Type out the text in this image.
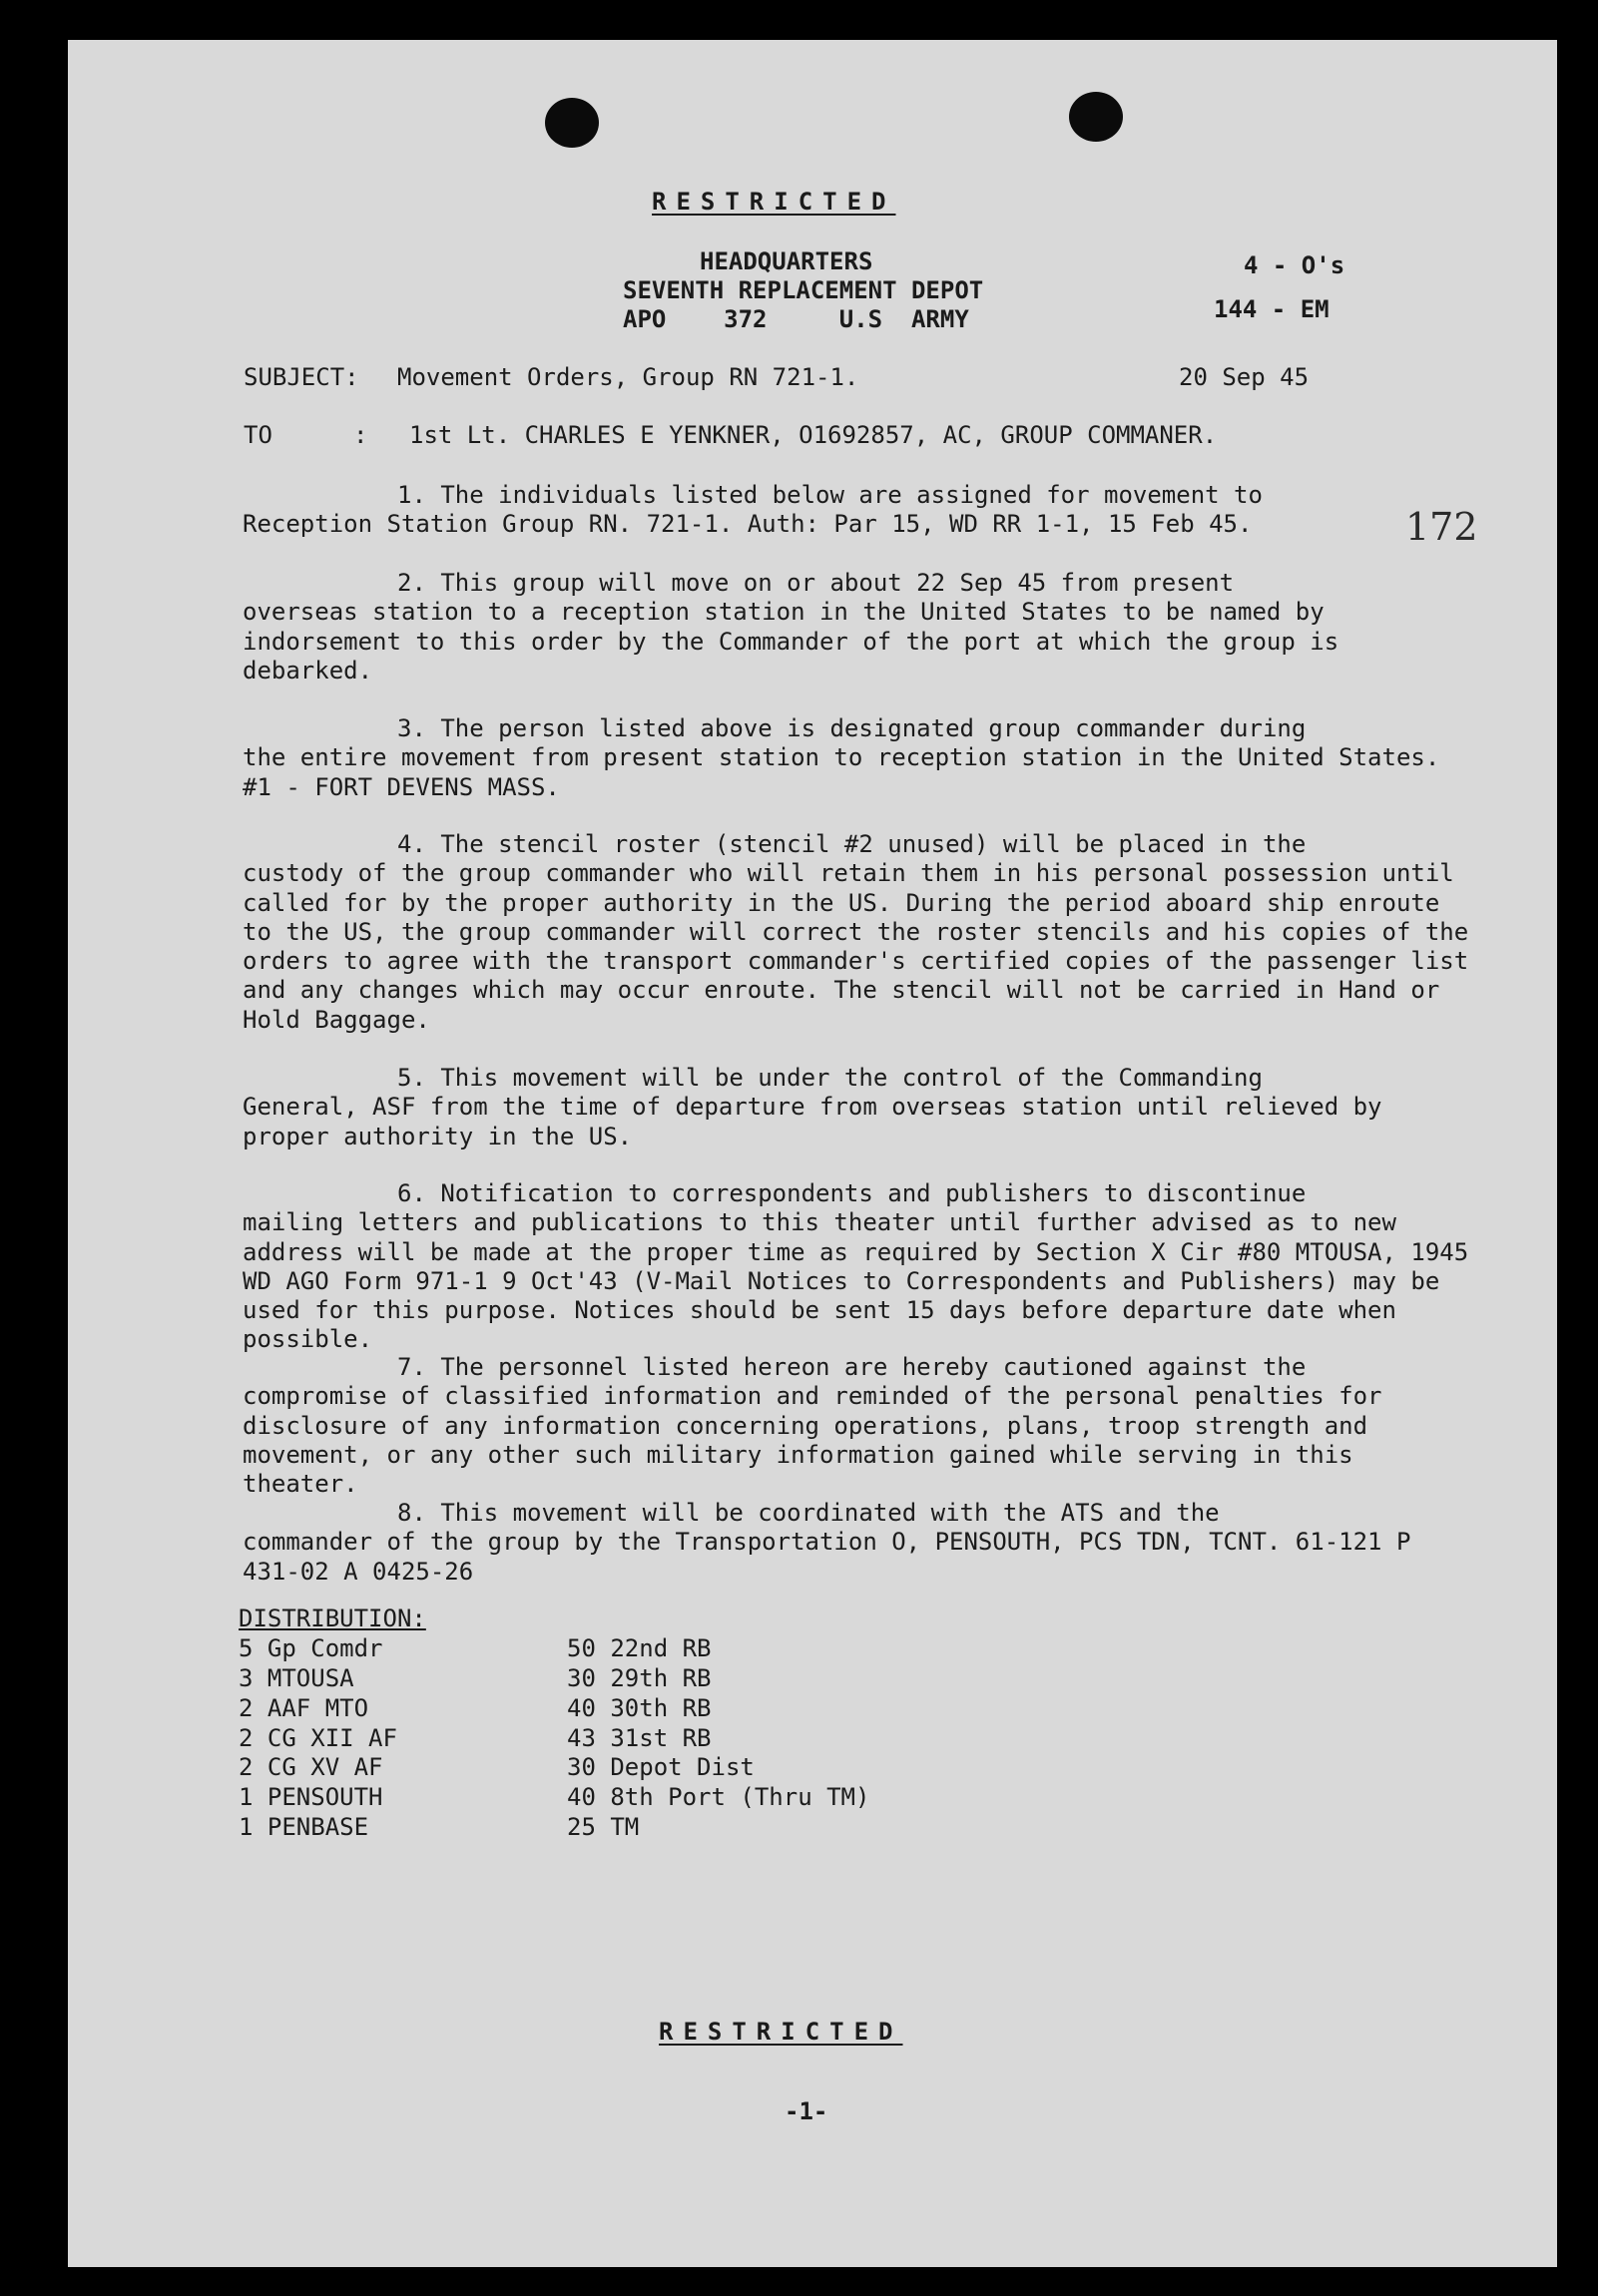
RESTRICTED
HEADQUARTERS
SEVENTH REPLACEMENT DEPOT
APO    372     U.S  ARMY
4 - O's
144 - EM
SUBJECT: Movement Orders, Group RN 721-1.	20 Sep 45
TO	: 1st Lt. CHARLES E YENKNER, O1692857, AC, GROUP COMMANER.
172
1. The individuals listed below are assigned for movement to
Reception Station Group RN. 721-1. Auth: Par 15, WD RR 1-1, 15 Feb 45.
2. This group will move on or about 22 Sep 45 from present
overseas station to a reception station in the United States to be named by indorsement to this order by the Commander of the port at which the group is debarked.
3. The person listed above is designated group commander during
the entire movement from present station to reception station in the United States. #1 - FORT DEVENS MASS.
4. The stencil roster (stencil #2 unused) will be placed in the
custody of the group commander who will retain them in his personal possession until called for by the proper authority in the US. During the period aboard ship enroute to the US, the group commander will correct the roster stencils and his copies of the orders to agree with the transport commander's certified copies of the passenger list and any changes which may occur enroute. The stencil will not be carried in Hand or Hold Baggage.
5. This movement will be under the control of the Commanding
General, ASF from the time of departure from overseas station until relieved by proper authority in the US.
6. Notification to correspondents and publishers to discontinue
mailing letters and publications to this theater until further advised as to new address will be made at the proper time as required by Section X Cir #80 MTOUSA, 1945 WD AGO Form 971-1 9 Oct'43 (V-Mail Notices to Correspondents and Publishers) may be used for this purpose. Notices should be sent 15 days before departure date when possible.
7. The personnel listed hereon are hereby cautioned against the
compromise of classified information and reminded of the personal penalties for disclosure of any information concerning operations, plans, troop strength and movement, or any other such military information gained while serving in this theater.
8. This movement will be coordinated with the ATS and the
commander of the group by the Transportation O, PENSOUTH, PCS TDN, TCNT. 61-121 P 431-02 A 0425-26
DISTRIBUTION:
5 Gp Comdr
3 MTOUSA
2 AAF MTO
2 CG XII AF
2 CG XV AF
1 PENSOUTH
1 PENBASE
50 22nd RB
30 29th RB
40 30th RB
43 31st RB
30 Depot Dist
40 8th Port (Thru TM)
25 TM
RESTRICTED
-1-
